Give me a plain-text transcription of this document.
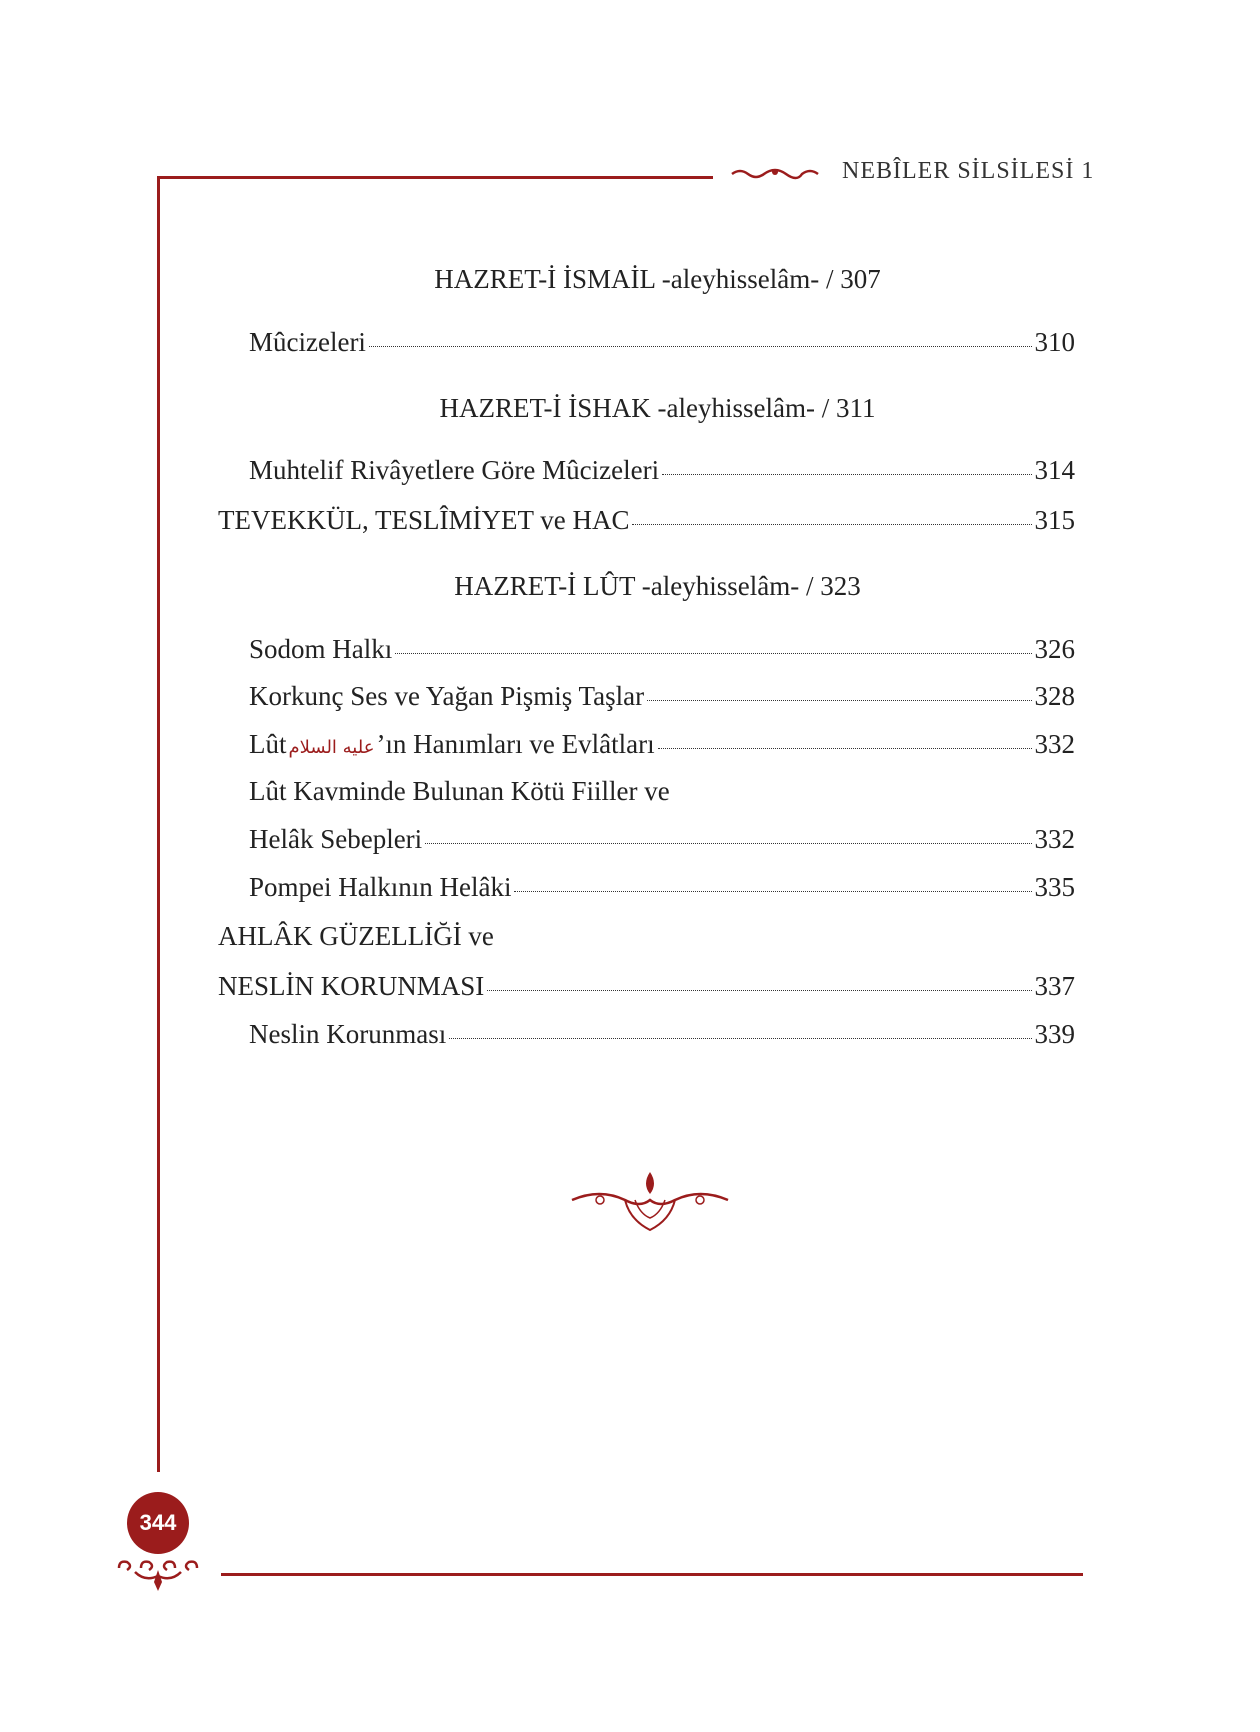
NEBÎLER SİLSİLESİ 1
HAZRET-İ İSMAİL -aleyhisselâm- / 307
Mûcizeleri	310
HAZRET-İ İSHAK -aleyhisselâm- / 311
Muhtelif Rivâyetlere Göre Mûcizeleri	314
TEVEKKÜL, TESLÎMİYET ve HAC	315
HAZRET-İ LÛT -aleyhisselâm- / 323
Sodom Halkı	326
Korkunç Ses ve Yağan Pişmiş Taşlar	328
Lût عليه السلام ’ın Hanımları ve Evlâtları	332
Lût Kavminde Bulunan Kötü Fiiller ve
Helâk Sebepleri	332
Pompei Halkının Helâki	335
AHLÂK GÜZELLİĞİ ve
NESLİN KORUNMASI	337
Neslin Korunması	339
344
